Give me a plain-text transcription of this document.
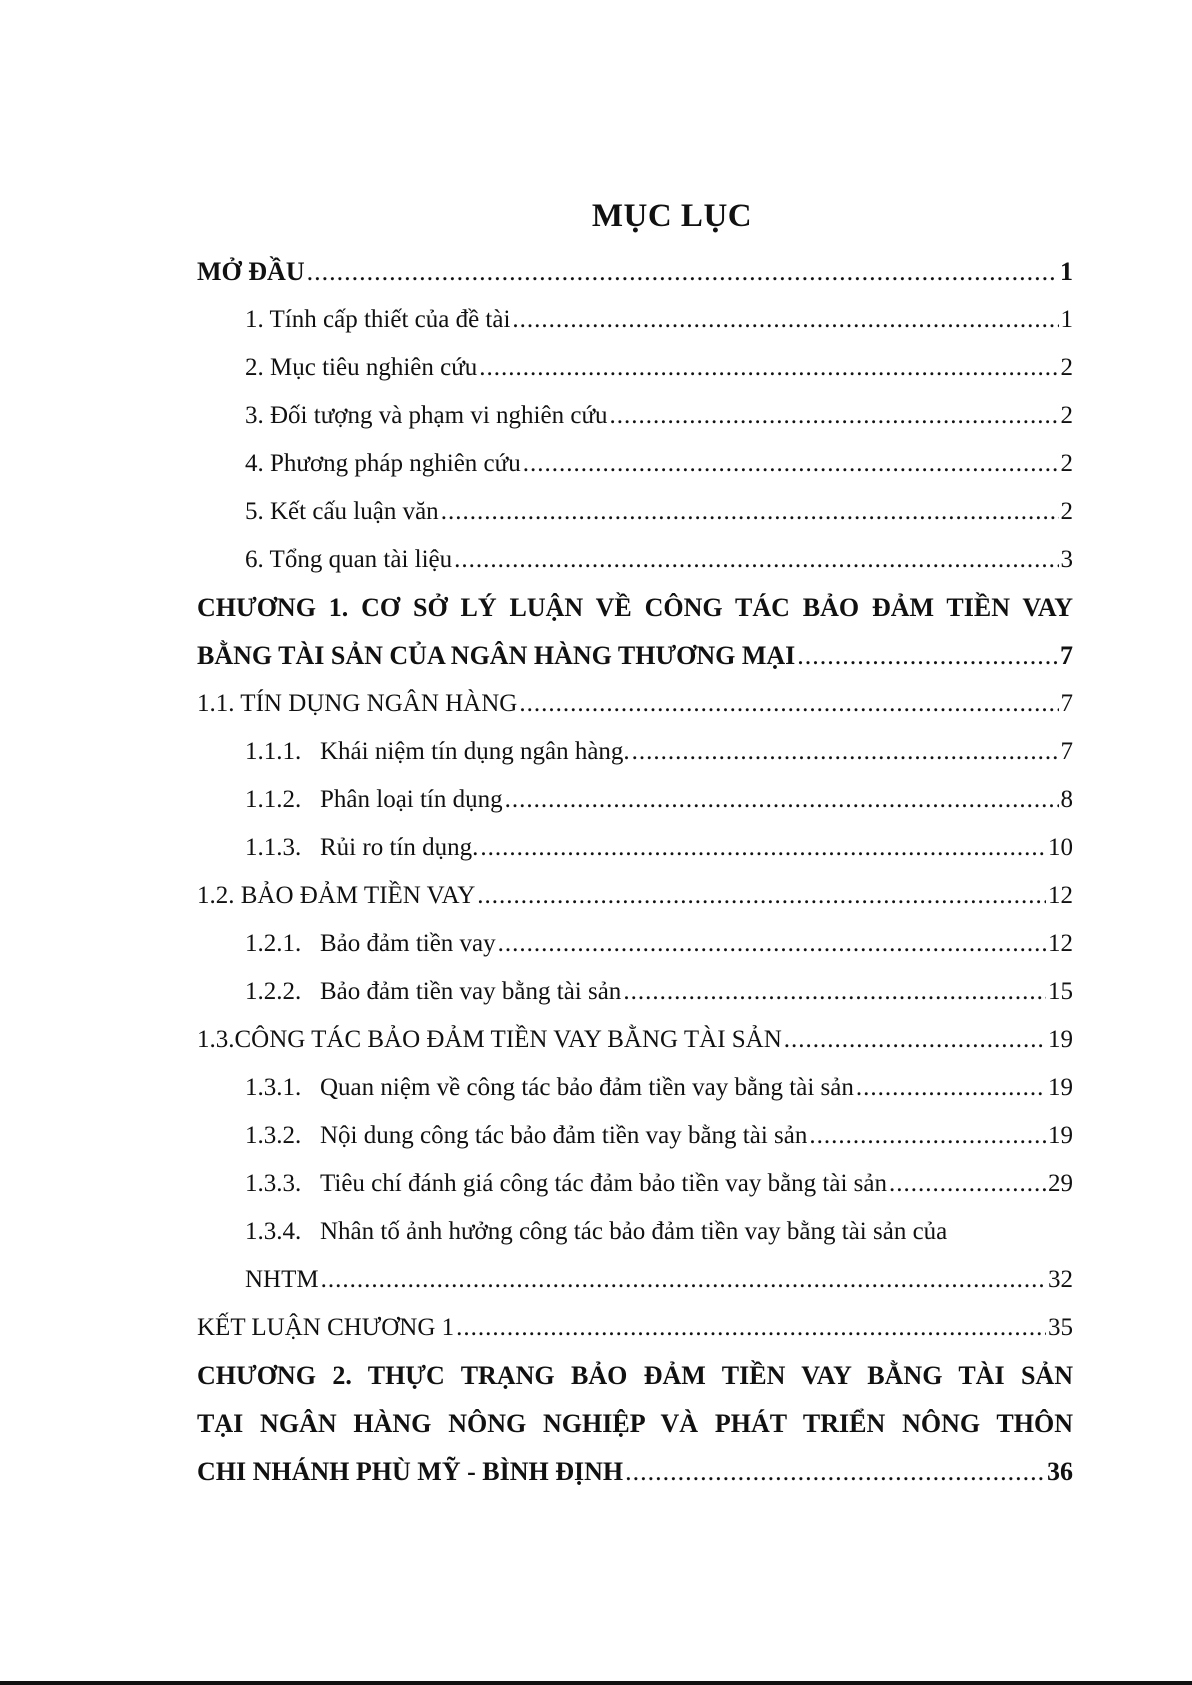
MỤC LỤC
MỞ ĐẦU .....	1
1. Tính cấp thiết của đề tài .....	1
2. Mục tiêu nghiên cứu .....	2
3. Đối tượng và phạm vi nghiên cứu .....	2
4. Phương pháp nghiên cứu .....	2
5. Kết cấu luận văn .....	2
6. Tổng quan tài liệu .....	3
CHƯƠNG 1. CƠ SỞ LÝ LUẬN VỀ CÔNG TÁC BẢO ĐẢM TIỀN VAY
BẰNG TÀI SẢN CỦA NGÂN HÀNG THƯƠNG MẠI .....	7
1.1. TÍN DỤNG NGÂN HÀNG .....	7
1.1.1. Khái niệm tín dụng ngân hàng. .....	7
1.1.2. Phân loại tín dụng .....	8
1.1.3. Rủi ro tín dụng. .....	10
1.2. BẢO ĐẢM TIỀN VAY .....	12
1.2.1. Bảo đảm tiền vay .....	12
1.2.2. Bảo đảm tiền vay bằng tài sản .....	15
1.3.CÔNG TÁC BẢO ĐẢM TIỀN VAY BẰNG TÀI SẢN .....	19
1.3.1. Quan niệm về công tác bảo đảm tiền vay bằng tài sản .....	19
1.3.2. Nội dung công tác bảo đảm tiền vay bằng tài sản .....	19
1.3.3. Tiêu chí đánh giá công tác đảm bảo tiền vay bằng tài sản .....	29
1.3.4. Nhân tố ảnh hưởng công tác bảo đảm tiền vay bằng tài sản của
NHTM .....	32
KẾT LUẬN CHƯƠNG 1 .....	35
CHƯƠNG 2. THỰC TRẠNG BẢO ĐẢM TIỀN VAY BẰNG TÀI SẢN
TẠI NGÂN HÀNG NÔNG NGHIỆP VÀ PHÁT TRIỂN NÔNG THÔN
CHI NHÁNH PHÙ MỸ - BÌNH ĐỊNH .....	36
